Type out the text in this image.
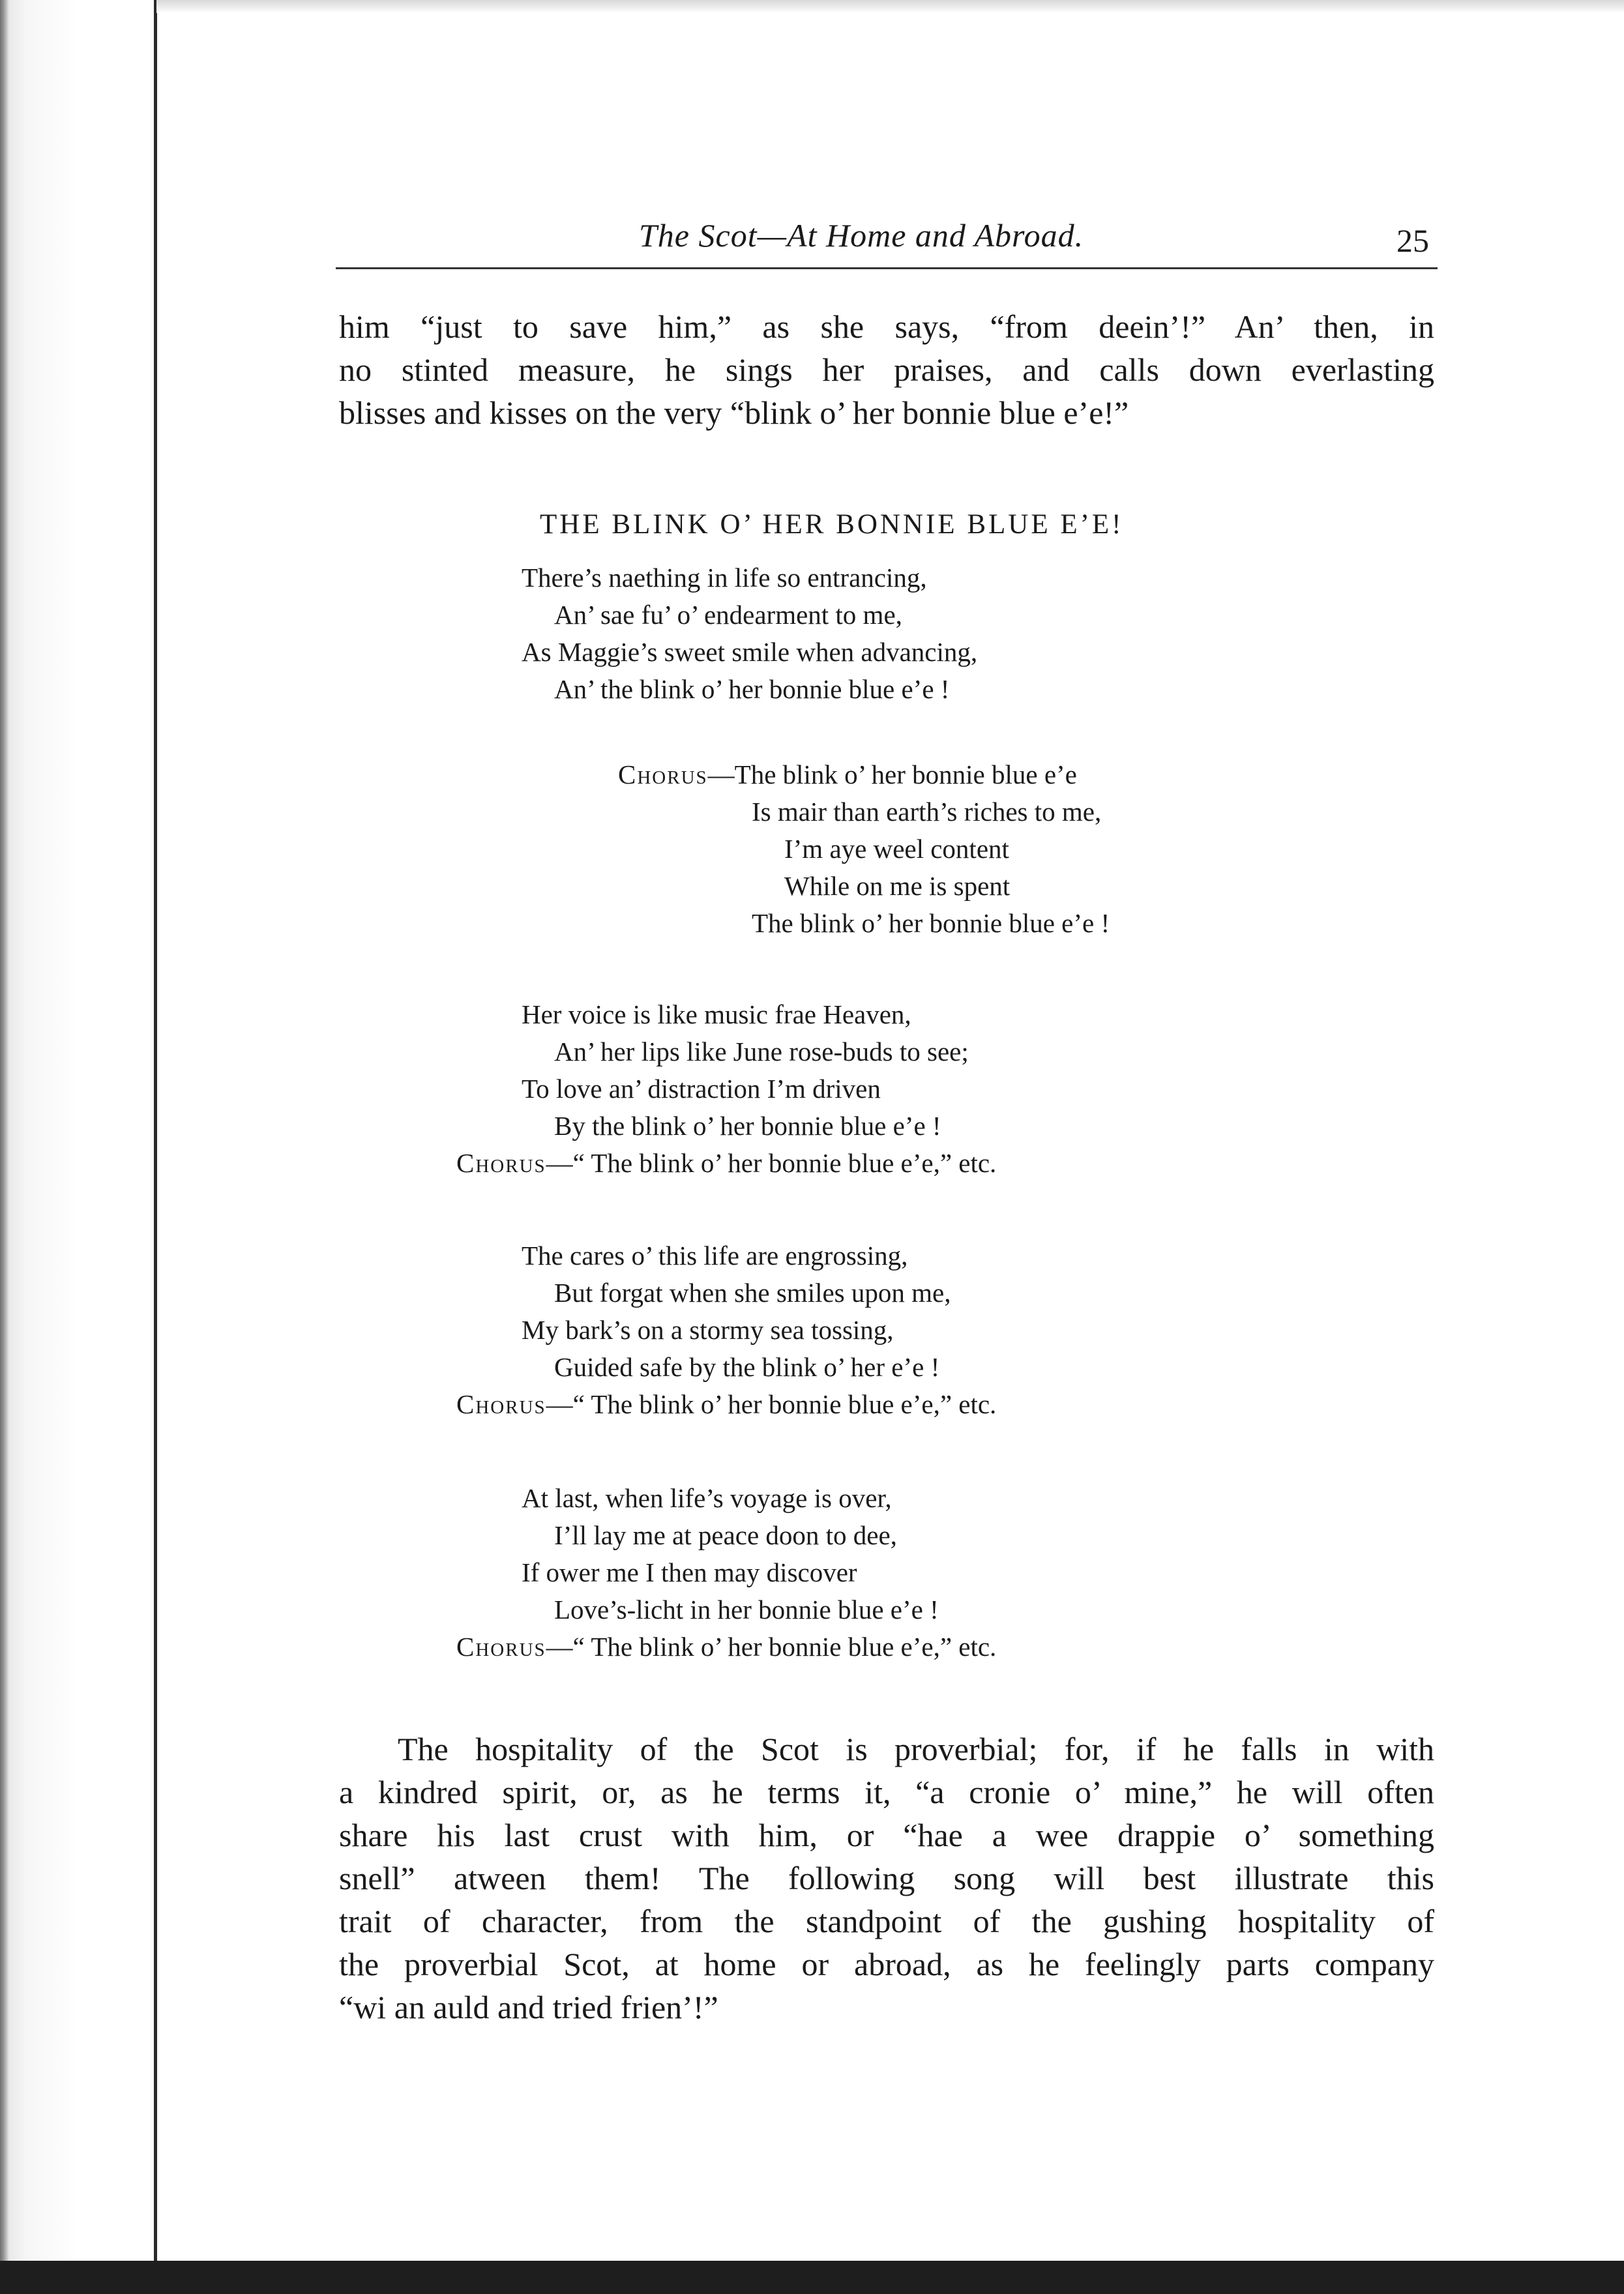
The Scot—At Home and Abroad.	25

him “just to save him,” as she says, “from deein’!” An’ then, in

no stinted measure, he sings her praises, and calls down everlasting

blisses and kisses on the very “blink o’ her bonnie blue e’e!”

THE BLINK O’ HER BONNIE BLUE E’E!
There’s naething in life so entrancing,
An’ sae fu’ o’ endearment to me,
As Maggie’s sweet smile when advancing,
An’ the blink o’ her bonnie blue e’e !
Chorus—The blink o’ her bonnie blue e’e
Is mair than earth’s riches to me,
I’m aye weel content
While on me is spent
The blink o’ her bonnie blue e’e !
Her voice is like music frae Heaven,
An’ her lips like June rose-buds to see;
To love an’ distraction I’m driven
By the blink o’ her bonnie blue e’e !
Chorus—“ The blink o’ her bonnie blue e’e,” etc.
The cares o’ this life are engrossing,
But forgat when she smiles upon me,
My bark’s on a stormy sea tossing,
Guided safe by the blink o’ her e’e !
Chorus—“ The blink o’ her bonnie blue e’e,” etc.
At last, when life’s voyage is over,
I’ll lay me at peace doon to dee,
If ower me I then may discover
Love’s-licht in her bonnie blue e’e !
Chorus—“ The blink o’ her bonnie blue e’e,” etc.

The hospitality of the Scot is proverbial; for, if he falls in with

a kindred spirit, or, as he terms it, “a cronie o’ mine,” he will often

share his last crust with him, or “hae a wee drappie o’ something

snell” atween them! The following song will best illustrate this

trait of character, from the standpoint of the gushing hospitality of

the proverbial Scot, at home or abroad, as he feelingly parts company

“wi an auld and tried frien’!”
